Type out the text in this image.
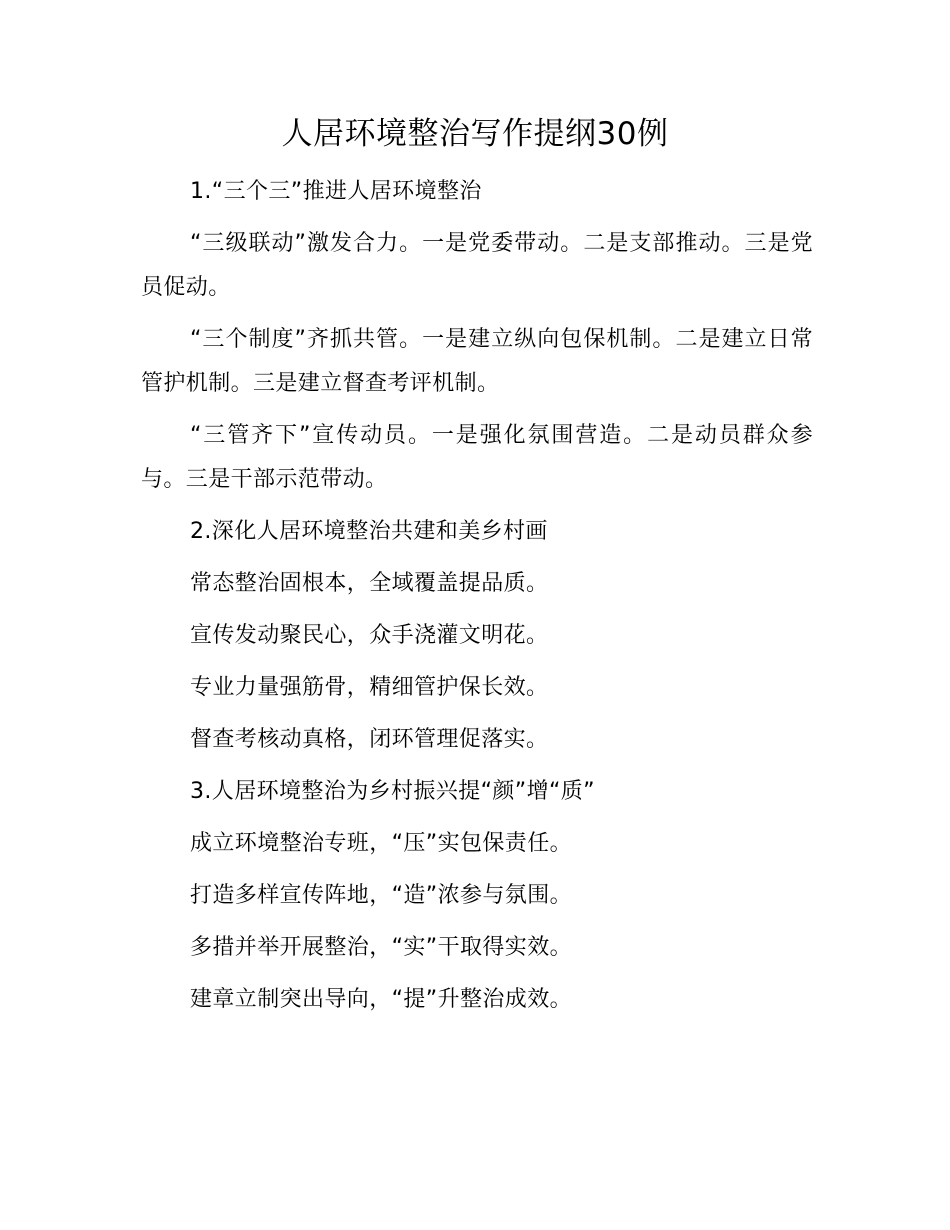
人居环境整治写作提纲30例

1.“三个三”推进人居环境整治

“三级联动”激发合力。一是党委带动。二是支部推动。三是党员促动。

“三个制度”齐抓共管。一是建立纵向包保机制。二是建立日常管护机制。三是建立督查考评机制。

“三管齐下”宣传动员。一是强化氛围营造。二是动员群众参与。三是干部示范带动。

2.深化人居环境整治共建和美乡村画

常态整治固根本，全域覆盖提品质。

宣传发动聚民心，众手浇灌文明花。

专业力量强筋骨，精细管护保长效。

督查考核动真格，闭环管理促落实。

3.人居环境整治为乡村振兴提“颜”增“质”

成立环境整治专班，“压”实包保责任。

打造多样宣传阵地，“造”浓参与氛围。

多措并举开展整治，“实”干取得实效。

建章立制突出导向，“提”升整治成效。
